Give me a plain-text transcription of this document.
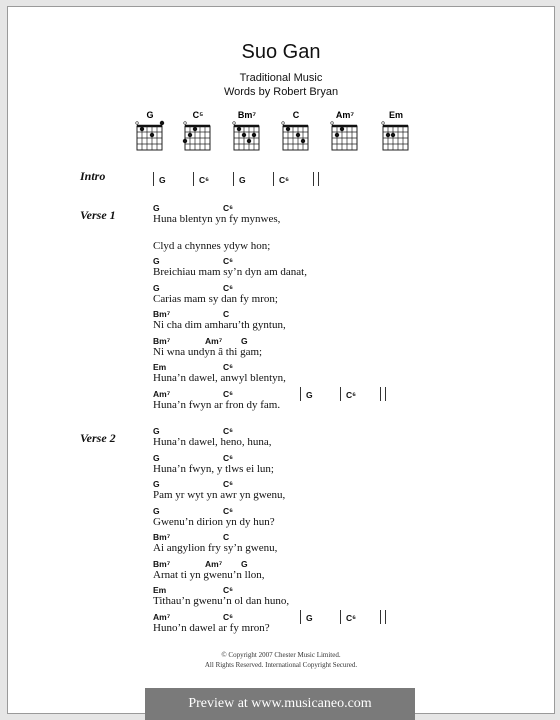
Suo Gan
Traditional Music
Words by Robert Bryan
G	C⁵	Bm⁷	C	Am⁷	Em
Intro
Verse 1
Verse 2
© Copyright 2007 Chester Music Limited.
All Rights Reserved. International Copyright Secured.
G	C⁶	G	C⁶
G	C⁶
Huna blentyn yn fy mynwes,
Clyd a chynnes ydyw hon;
G	C⁶
Breichiau mam sy’n dyn am danat,
G	C⁶
Carias mam sy dan fy mron;
Bm⁷	C
Ni cha dim amharu’th gyntun,
Bm⁷	Am⁷ G
Ni wna undyn â thi gam;
Em	C⁶
Huna’n dawel, anwyl blentyn,
Am⁷	C⁶
Huna’n fwyn ar fron dy fam.
G	C⁶
G	C⁶
Huna’n dawel, heno, huna,
G	C⁶
Huna’n fwyn, y tlws ei lun;
G	C⁶
Pam yr wyt yn awr yn gwenu,
G	C⁶
Gwenu’n dirion yn dy hun?
Bm⁷	C
Ai angylion fry sy’n gwenu,
Bm⁷	Am⁷ G
Arnat ti yn gwenu’n llon,
Em	C⁶
Tithau’n gwenu’n ol dan huno,
Am⁷	C⁶
Huno’n dawel ar fy mron?
G	C⁶
Preview at www.musicaneo.com
